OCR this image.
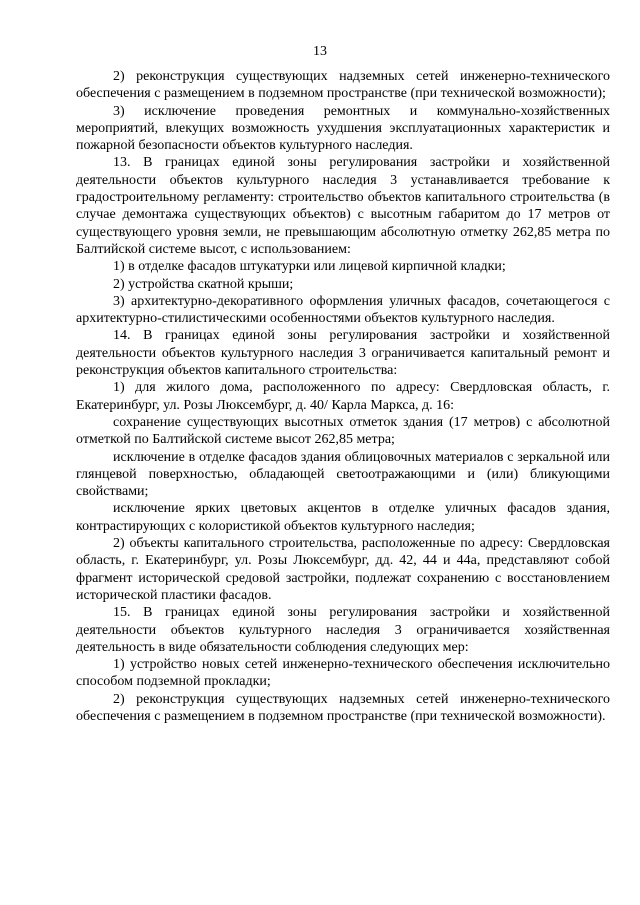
13

2) реконструкция существующих надземных сетей инженерно-технического обеспечения с размещением в подземном пространстве (при технической возможности);

3) исключение проведения ремонтных и коммунально-хозяйственных мероприятий, влекущих возможность ухудшения эксплуатационных характеристик и пожарной безопасности объектов культурного наследия.

13. В границах единой зоны регулирования застройки и хозяйственной деятельности объектов культурного наследия 3 устанавливается требование к градостроительному регламенту: строительство объектов капитального строительства (в случае демонтажа существующих объектов) с высотным габаритом до 17 метров от существующего уровня земли, не превышающим абсолютную отметку 262,85 метра по Балтийской системе высот, с использованием:

1) в отделке фасадов штукатурки или лицевой кирпичной кладки;

2) устройства скатной крыши;

3) архитектурно-декоративного оформления уличных фасадов, сочетающегося с архитектурно-стилистическими особенностями объектов культурного наследия.

14. В границах единой зоны регулирования застройки и хозяйственной деятельности объектов культурного наследия 3 ограничивается капитальный ремонт и реконструкция объектов капитального строительства:

1) для жилого дома, расположенного по адресу: Свердловская область, г. Екатеринбург, ул. Розы Люксембург, д. 40/ Карла Маркса, д. 16:

сохранение существующих высотных отметок здания (17 метров) с абсолютной отметкой по Балтийской системе высот 262,85 метра;

исключение в отделке фасадов здания облицовочных материалов с зеркальной или глянцевой поверхностью, обладающей светоотражающими и (или) бликующими свойствами;

исключение ярких цветовых акцентов в отделке уличных фасадов здания, контрастирующих с колористикой объектов культурного наследия;

2) объекты капитального строительства, расположенные по адресу: Свердловская область, г. Екатеринбург, ул. Розы Люксембург, дд. 42, 44 и 44а, представляют собой фрагмент исторической средовой застройки, подлежат сохранению с восстановлением исторической пластики фасадов.

15. В границах единой зоны регулирования застройки и хозяйственной деятельности объектов культурного наследия 3 ограничивается хозяйственная деятельность в виде обязательности соблюдения следующих мер:

1) устройство новых сетей инженерно-технического обеспечения исключительно способом подземной прокладки;

2) реконструкция существующих надземных сетей инженерно-технического обеспечения с размещением в подземном пространстве (при технической возможности).
